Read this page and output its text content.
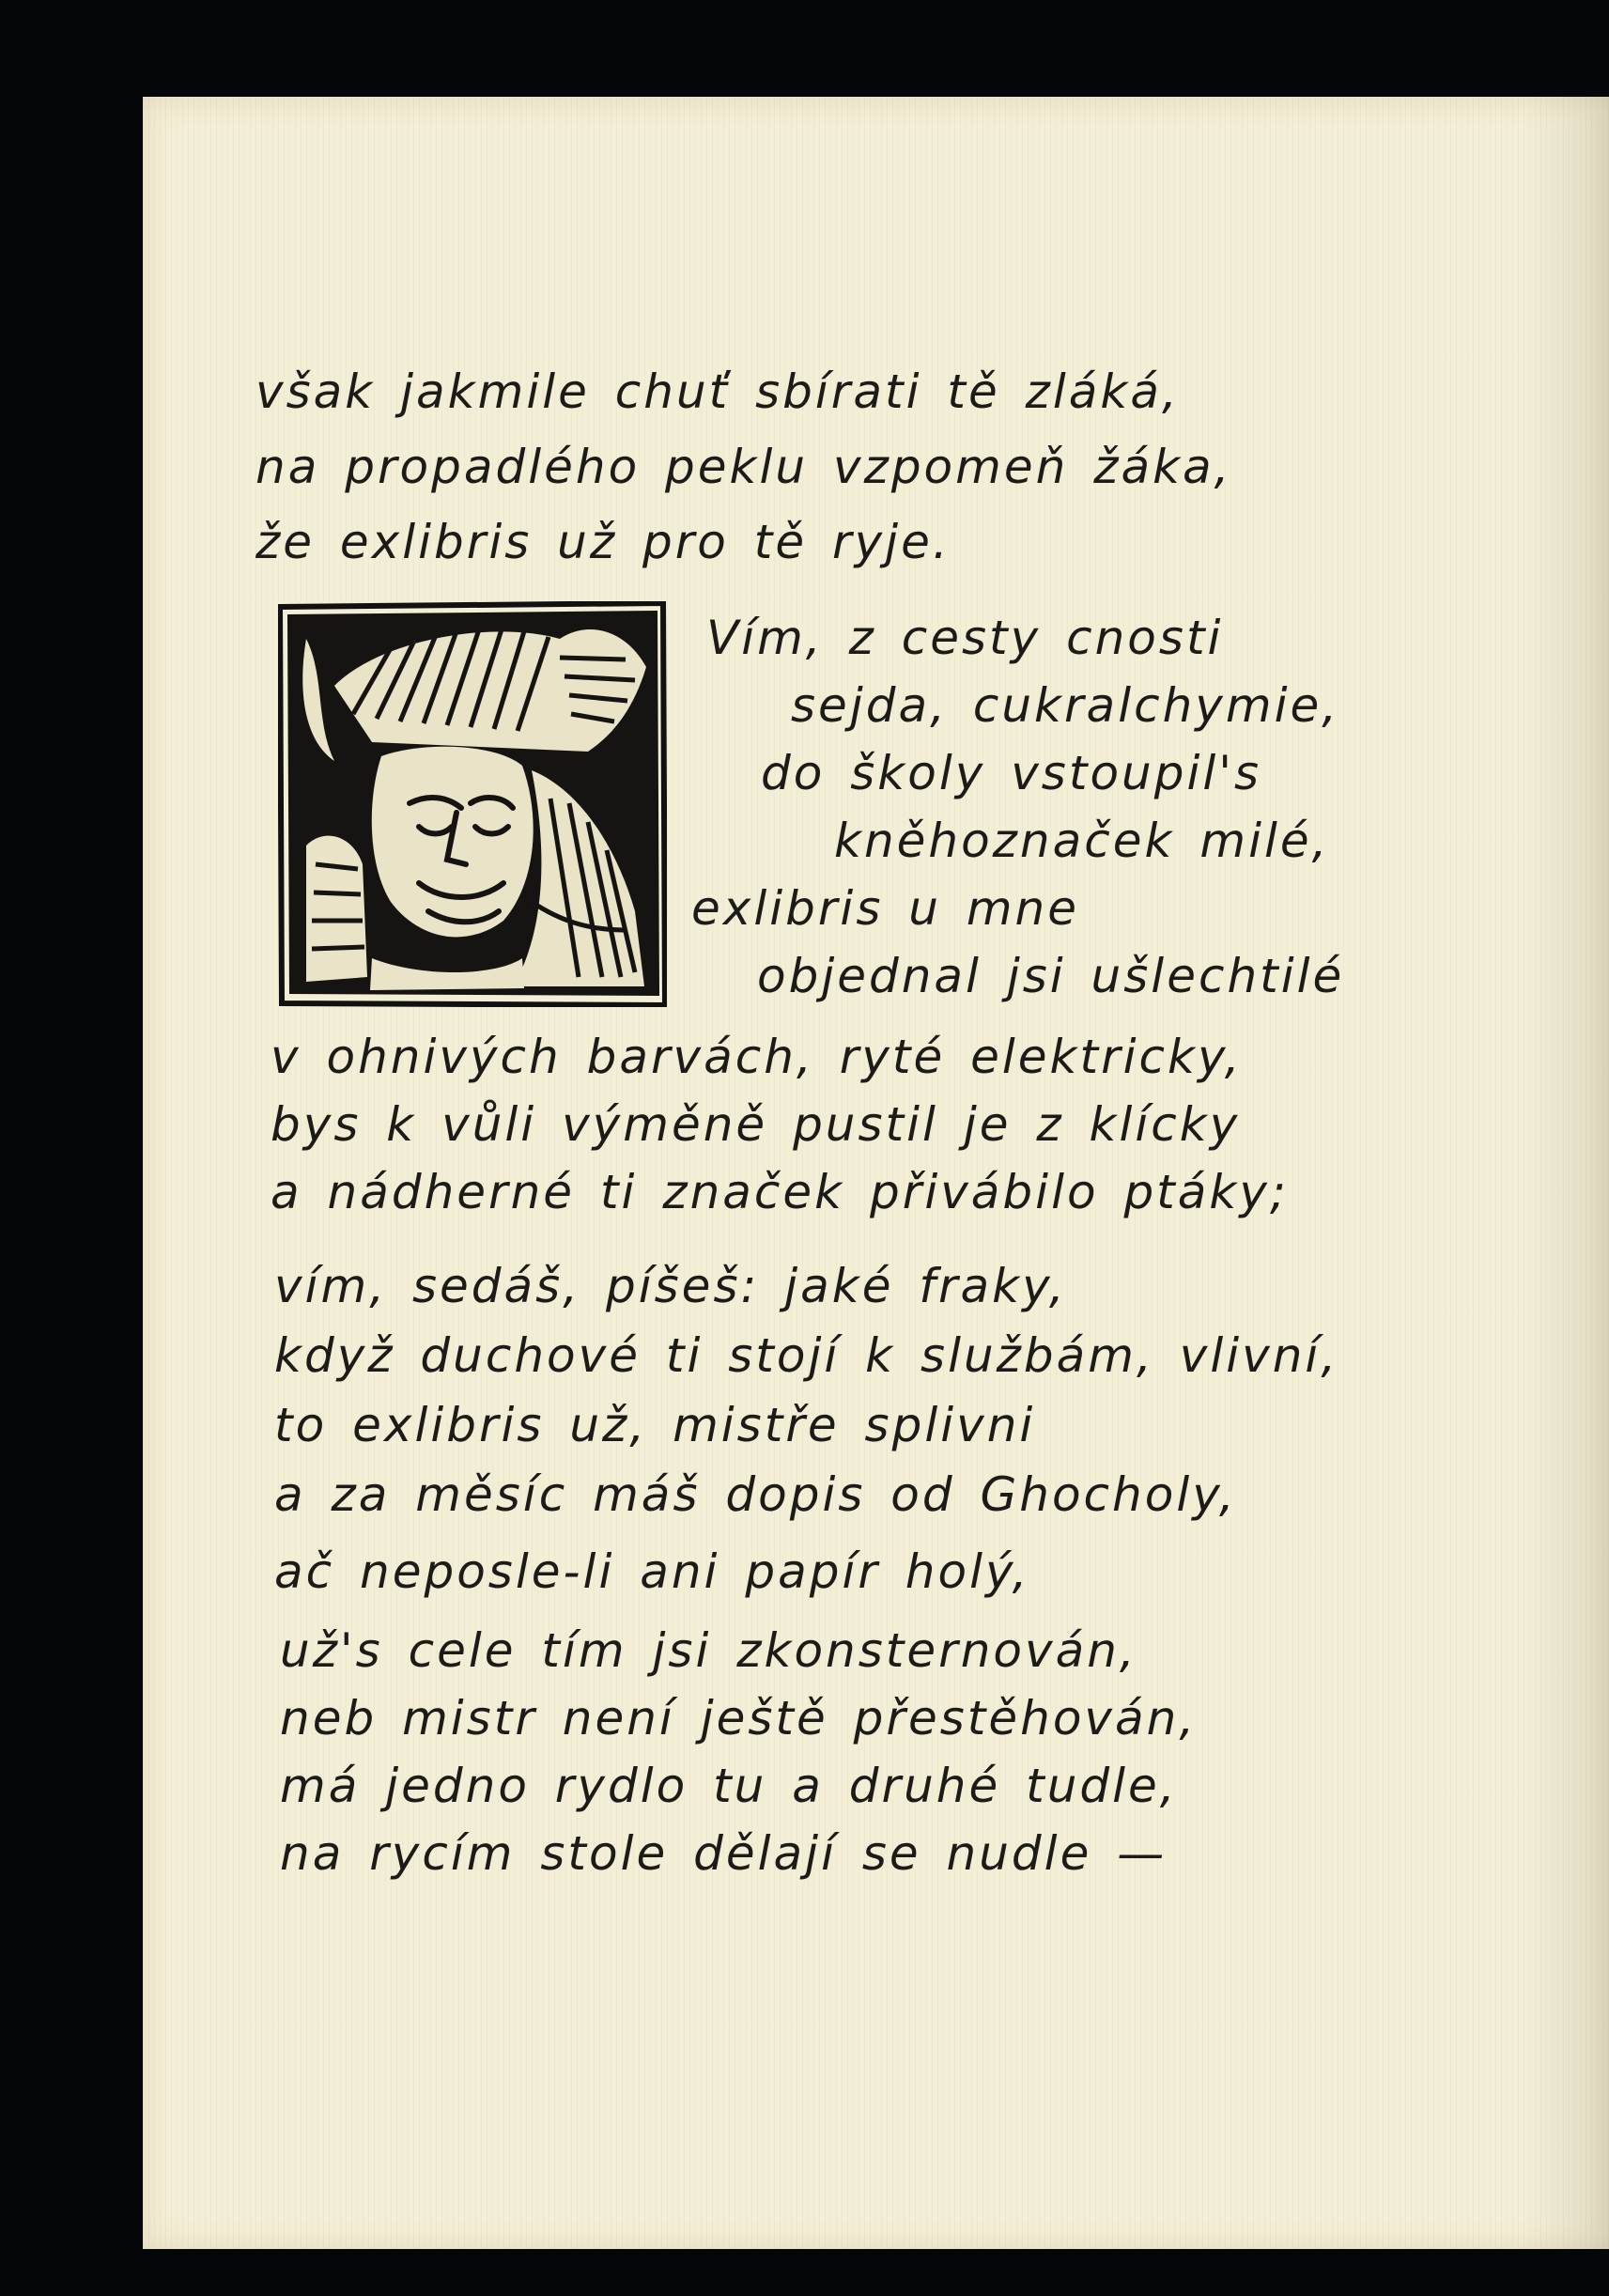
však jakmile chuť sbírati tě zláká,
na propadlého peklu vzpomeň žáka,
že exlibris už pro tě ryje.
Vím, z cesty cnosti
sejda, cukralchymie,
do školy vstoupil's
kněhoznaček milé,
exlibris u mne
objednal jsi ušlechtilé
v ohnivých barvách, ryté elektricky,
bys k vůli výměně pustil je z klícky
a nádherné ti značek přivábilo ptáky;
vím, sedáš, píšeš: jaké fraky,
když duchové ti stojí k službám, vlivní,
to exlibris už, mistře splivni
a za měsíc máš dopis od Ghocholy,
ač neposle-li ani papír holý,
už's cele tím jsi zkonsternován,
neb mistr není ještě přestěhován,
má jedno rydlo tu a druhé tudle,
na rycím stole dělají se nudle —
